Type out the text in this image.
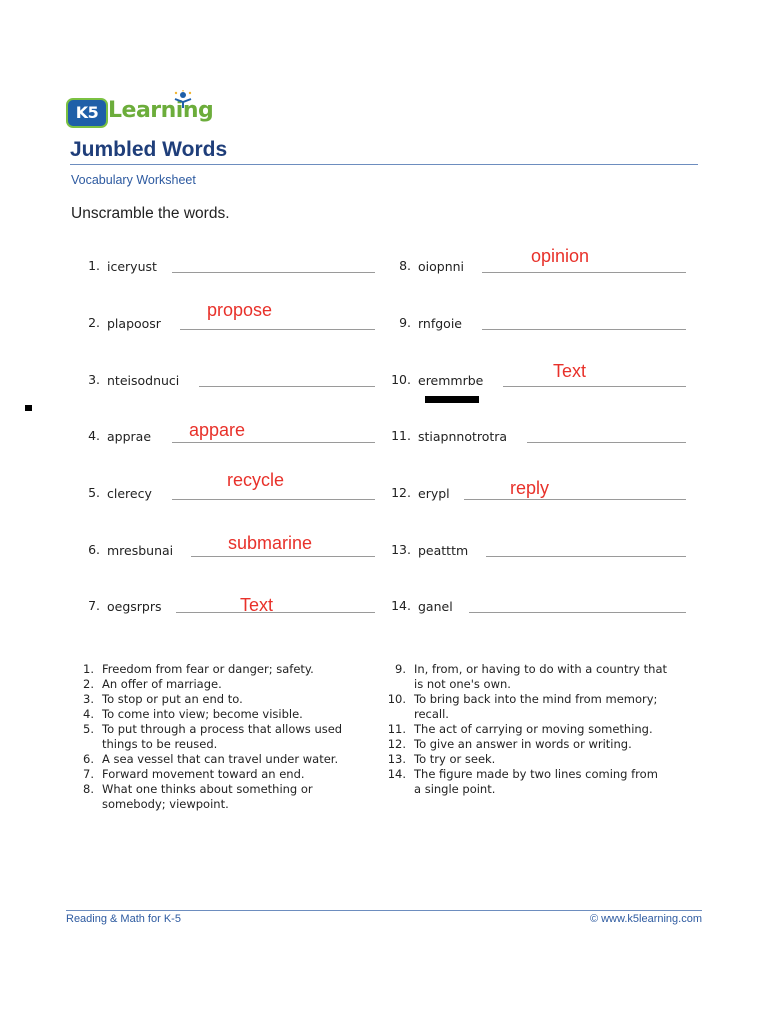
K5 Learning
Jumbled Words
Vocabulary Worksheet
Unscramble the words.
1. iceryust
2. plapoosr
propose
3. nteisodnuci
4. apprae appare
5. clerecy
recycle
6. mresbunai	submarine
7. oegsrprs	Text
8. oiopnni
opinion
9. rnfgoie
10. eremmrbe	Text
11. stiapnnotrotra
12. erypl	reply
13. peatttm
14. ganel
1. Freedom from fear or danger; safety.
2. An offer of marriage.
3. To stop or put an end to.
4. To come into view; become visible.
5. To put through a process that allows used
things to be reused.
6. A sea vessel that can travel under water.
7. Forward movement toward an end.
8. What one thinks about something or
somebody; viewpoint.
9. In, from, or having to do with a country that
is not one's own.
10. To bring back into the mind from memory;
recall.
11. The act of carrying or moving something.
12. To give an answer in words or writing.
13. To try or seek.
14. The figure made by two lines coming from
a single point.
Reading & Math for K-5	© www.k5learning.com
